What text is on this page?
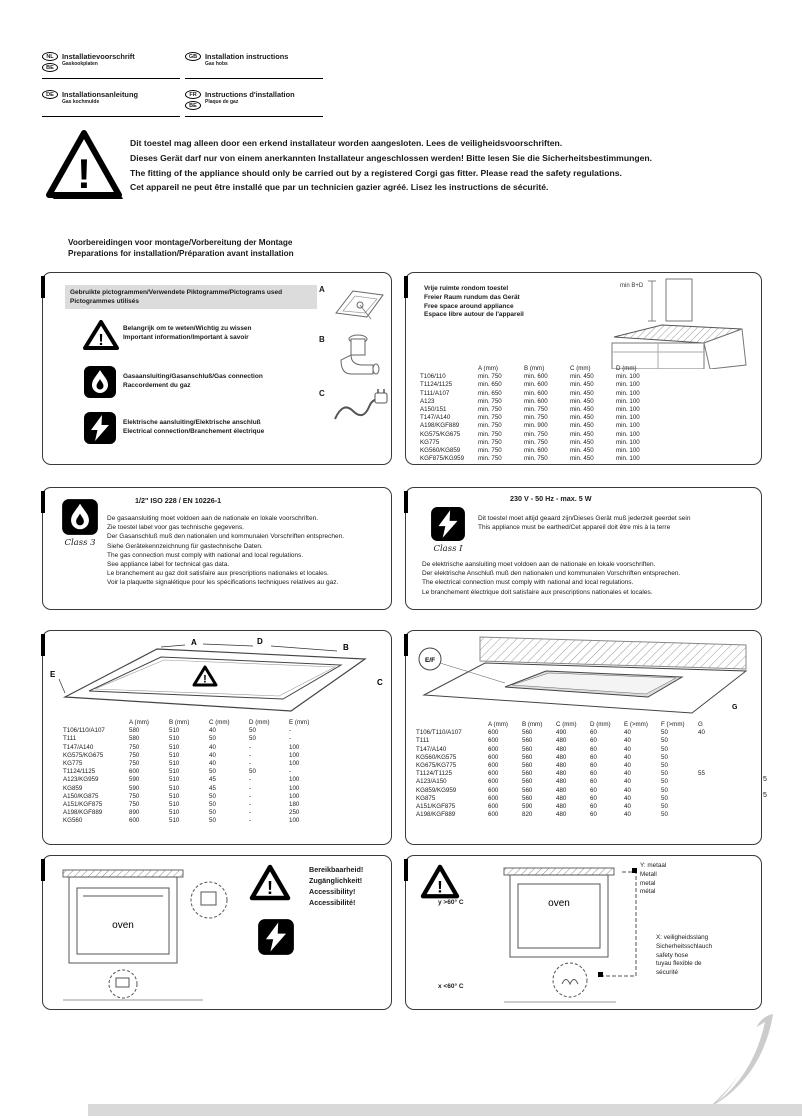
NL
BE
Installatievoorschrift
Gaskookplaten
GB	Installation instructions
Gas hobs
DE	Installationsanleitung
Gas kochmulde
FR
BE
Instructions d'installation
Plaque de gaz
!
Dit toestel mag alleen door een erkend installateur worden aangesloten. Lees de veiligheidsvoorschriften.
Dieses Gerät darf nur von einem anerkannten Installateur angeschlossen werden! Bitte lesen Sie die Sicherheitsbestimmungen.
The fitting of the appliance should only be carried out by a registered Corgi gas fitter. Please read the safety regulations.
Cet appareil ne peut être installé que par un technicien gazier agréé. Lisez les instructions de sécurité.
Voorbereidingen voor montage/Vorbereitung der Montage
Preparations for installation/Préparation avant installation
Gebruikte pictogrammen/Verwendete Piktogramme/Pictograms used
Pictogrammes utilisés
!
Belangrijk om te weten/Wichtig zu wissen
Important information/Important à savoir
Gasaansluiting/Gasanschluß/Gas connection
Raccordement du gaz
Elektrische aansluiting/Elektrische anschluß
Electrical connection/Branchement électrique
A
B
C
Vrije ruimte rondom toestel
Freier Raum rundum das Gerät
Free space around appliance
Espace libre autour de l'appareil
min B+D
	A (mm)	B (mm)	C (mm)	D (mm)
T106/110	min. 750	min. 600	min. 450	min. 100
T1124/1125	min. 650	min. 600	min. 450	min. 100
T111/A107	min. 650	min. 600	min. 450	min. 100
A123	min. 750	min. 600	min. 450	min. 100
A150/151	min. 750	min. 750	min. 450	min. 100
T147/A140	min. 750	min. 750	min. 450	min. 100
A198/KGF889	min. 750	min. 900	min. 450	min. 100
KG575/KG675	min. 750	min. 750	min. 450	min. 100
KG775	min. 750	min. 750	min. 450	min. 100
KG560/KG859	min. 750	min. 600	min. 450	min. 100
KGF875/KG959	min. 750	min. 750	min. 450	min. 100
Class 3
1/2" ISO 228 / EN 10226-1
De gasaansluiting moet voldoen aan de nationale en lokale voorschriften.
Zie toestel label voor gas technische gegevens.
Der Gasanschluß muß den nationalen und kommunalen Vorschriften entsprechen.
Siehe Gerätekennzeichnung für gastechnische Daten.
The gas connection must comply with national and local regulations.
See appliance label for technical gas data.
Le branchement au gaz doit satisfaire aux prescriptions nationales et locales.
Voir la plaquette signalétique pour les spécifications techniques relatives au gaz.
230 V - 50 Hz - max. 5 W
Class I
Dit toestel moet altijd geaard zijn/Dieses Gerät muß jederzeit geerdet sein
This appliance must be earthed/Cet appareil doit être mis à la terre
De elektrische aansluiting moet voldoen aan de nationale en lokale voorschriften.
Der elektrische Anschluß muß den nationalen und kommunalen Vorschriften entsprechen.
The electrical connection must comply with national and local regulations.
Le branchement électrique doit satisfaire aux prescriptions nationales et locales.
!
A	D
B
C
E
	A (mm)	B (mm)	C (mm)	D (mm)	E (mm)
T106/110/A107	580	510	40	50	-
T111	580	510	50	50	-
T147/A140	750	510	40	-	100
KG575/KG675	750	510	40	-	100
KG775	750	510	40	-	100
T1124/1125	600	510	50	50	-
A123/KG959	590	510	45	-	100
KG859	590	510	45	-	100
A150/KG875	750	510	50	-	100
A151/KGF875	750	510	50	-	180
A198/KGF889	890	510	50	-	250
KG560	600	510	50	-	100
E/F
G
	A (mm)	B (mm)	C (mm)	D (mm)	E (>mm)	F (>mm)	G
T106/T110/A107	600	560	490	60	40	50	40
T111	600	560	480	60	40	50	
T147/A140	600	560	480	60	40	50	
KG560/KG575	600	560	480	60	40	50	
KG675/KG775	600	560	480	60	40	50	
T1124/T1125	600	560	480	60	40	50	55
A123/A150	600	560	480	60	40	50	
KG859/KG959	600	560	480	60	40	50	
KG875	600	560	480	60	40	50	
A151/KGF875	600	590	480	60	40	50	
A198/KGF889	600	820	480	60	40	50	
oven
!
Bereikbaarheid!
Zugänglichkeit!
Accessibility!
Accessibilité!
!
oven
y >60° C
x <60° C
Y: metaal
Metall
metal
métal
X: veiligheidsslang
Sicherheitsschlauch
safety hose
tuyau flexible de
sécurité
5
5
